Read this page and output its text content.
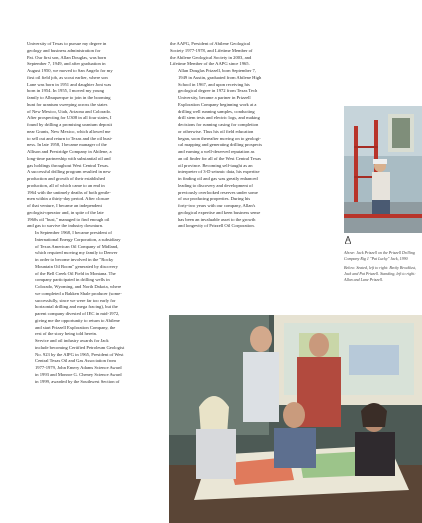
University of Texas to pursue my degree in
geology and business administration for
Pat. Our first son, Allan Douglas, was born
September 7, 1949, and after graduation in
August 1950, we moved to San Angelo for my
first oil field job, as scout earlier, where son
Lane was born in 1951 and daughter Joni was
born in 1954. In 1955, I moved my young
family to Albuquerque to join in the booming
hunt for uranium sweeping across the states
of New Mexico, Utah, Arizona and Colorado.
After prospecting for U308 in all four states, I
found by drilling a promising uranium deposit
near Grants, New Mexico, which allowed me
to sell out and return to Texas and the oil busi-
ness. In late 1958, I became manager of the
Allison and Prestridge Company in Abilene, a
long-time partnership with substantial oil and
gas holdings throughout West Central Texas.
A successful drilling program resulted in new
production and growth of their established
production, all of which came to an end in
1964 with the untimely deaths of both gentle-
men within a thirty-day period. After closure
of that venture, I became an independent
geologist-operator and, in spite of the late
1960s oil "bust," managed to find enough oil
and gas to survive the industry downturn.

In September 1968, I became president of
International Energy Corporation, a subsidiary
of Texas American Oil Company of Midland,
which required moving my family to Denver
in order to become involved in the "Rocky
Mountain Oil Boom" generated by discovery
of the Bell Creek Oil Field in Montana. The
company participated in drilling wells in
Colorado, Wyoming, and North Dakota, where
we completed a Bakken Shale producer (some-
successfully, since we were far too early for
horizontal drilling and mega fracing), but the
parent company divested of IEC in mid-1972,
giving me the opportunity to return to Abilene
and start Prizzell Exploration Company, the
rest of the story being told herein.

Service and oil industry awards for Jack
include becoming Certified Petroleum Geologist
No. 923 by the AIPG in 1965, President of West
Central Texas Oil and Gas Association from
1977-1979, John Emery Adams Science Award
in 1993 and Monroe G. Cheney Science Award
in 1999, awarded by the Southwest Section of

the AAPG, President of Abilene Geological
Society 1977-1978, and Lifetime Member of
the Abilene Geological Society in 2003, and
Lifetime Member of the AAPG since 1965.

Allan Douglas Prizzell, born September 7,
1949 in Austin, graduated from Abilene High
School in 1967, and upon receiving his
geological degree in 1972 from Texas Tech
University, became a partner in Prizzell
Exploration Company beginning work at a
drilling well running samples, conducting
drill stem tests and electric logs, and making
decisions for running casing for completion
or otherwise. Thus his oil field education
began, soon thereafter moving on to geologi-
cal mapping and generating drilling prospects
and earning a well-deserved reputation as
an oil finder for all of the West Central Texas
oil province. Becoming self-taught as an
interpreter of 3-D seismic data, his expertise
in finding oil and gas was greatly enhanced
leading to discovery and development of
previously overlooked reserves under some
of our producing properties. During his
forty-two years with our company, Allan's
geological expertise and keen business sense
has been an invaluable asset to the growth
and longevity of Prizzell Oil Corporation.

Above: Jack Prizzell on the Prizzell Drilling Company Rig 1 "Pat Lucky" Jack, 1990
Below: Seated, left to right: Becky Brocklust, Jack and Pat Prizzell. Standing, left to right: Allan and Lane Prizzell.
